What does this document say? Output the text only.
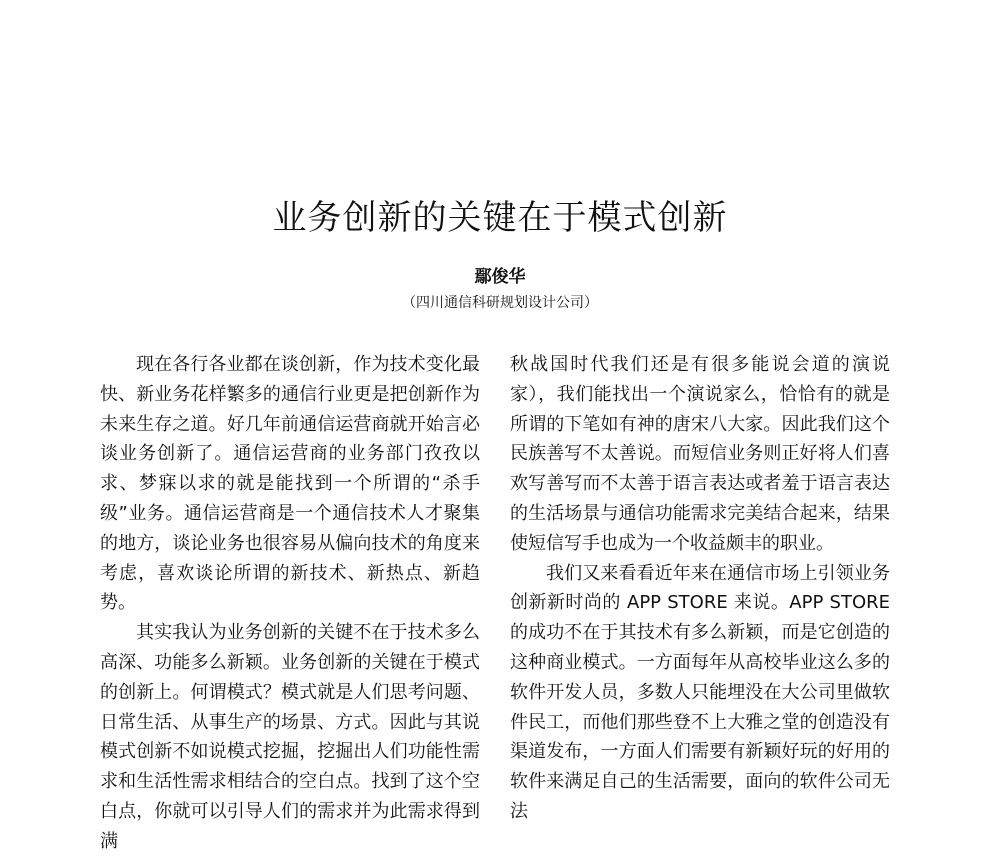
业务创新的关键在于模式创新
鄢俊华
（四川通信科研规划设计公司）

现在各行各业都在谈创新，作为技术变化最快、新业务花样繁多的通信行业更是把创新作为未来生存之道。好几年前通信运营商就开始言必谈业务创新了。通信运营商的业务部门孜孜以求、梦寐以求的就是能找到一个所谓的“杀手级”业务。通信运营商是一个通信技术人才聚集的地方，谈论业务也很容易从偏向技术的角度来考虑，喜欢谈论所谓的新技术、新热点、新趋势。

其实我认为业务创新的关键不在于技术多么高深、功能多么新颖。业务创新的关键在于模式的创新上。何谓模式？模式就是人们思考问题、日常生活、从事生产的场景、方式。因此与其说模式创新不如说模式挖掘，挖掘出人们功能性需求和生活性需求相结合的空白点。找到了这个空白点，你就可以引导人们的需求并为此需求得到满

秋战国时代我们还是有很多能说会道的演说家），我们能找出一个演说家么，恰恰有的就是所谓的下笔如有神的唐宋八大家。因此我们这个民族善写不太善说。而短信业务则正好将人们喜欢写善写而不太善于语言表达或者羞于语言表达的生活场景与通信功能需求完美结合起来，结果使短信写手也成为一个收益颇丰的职业。

我们又来看看近年来在通信市场上引领业务创新新时尚的 APP STORE 来说。APP STORE 的成功不在于其技术有多么新颖，而是它创造的这种商业模式。一方面每年从高校毕业这么多的软件开发人员，多数人只能埋没在大公司里做软件民工，而他们那些登不上大雅之堂的创造没有渠道发布，一方面人们需要有新颖好玩的好用的软件来满足自己的生活需要，面向的软件公司无法
